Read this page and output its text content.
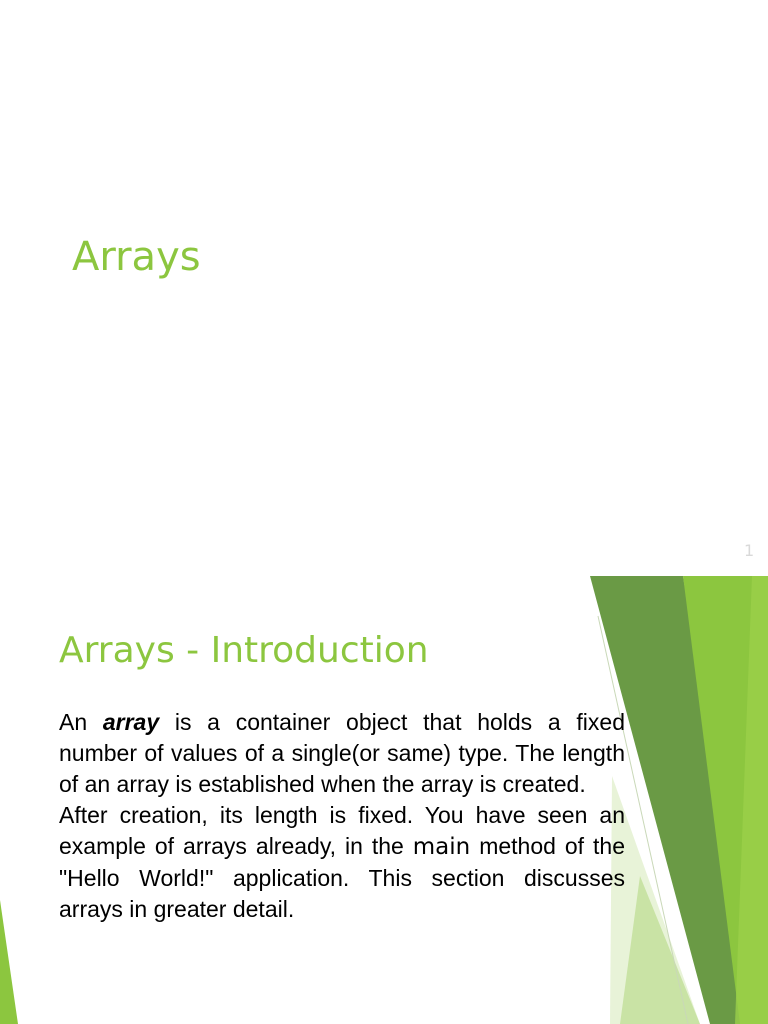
Arrays
1
Arrays - Introduction

An array is a container object that holds a fixed number of values of a single(or same) type. The length of an array is established when the array is created.

After creation, its length is fixed. You have seen an example of arrays already, in the main method of the "Hello World!" application. This section discusses arrays in greater detail.
